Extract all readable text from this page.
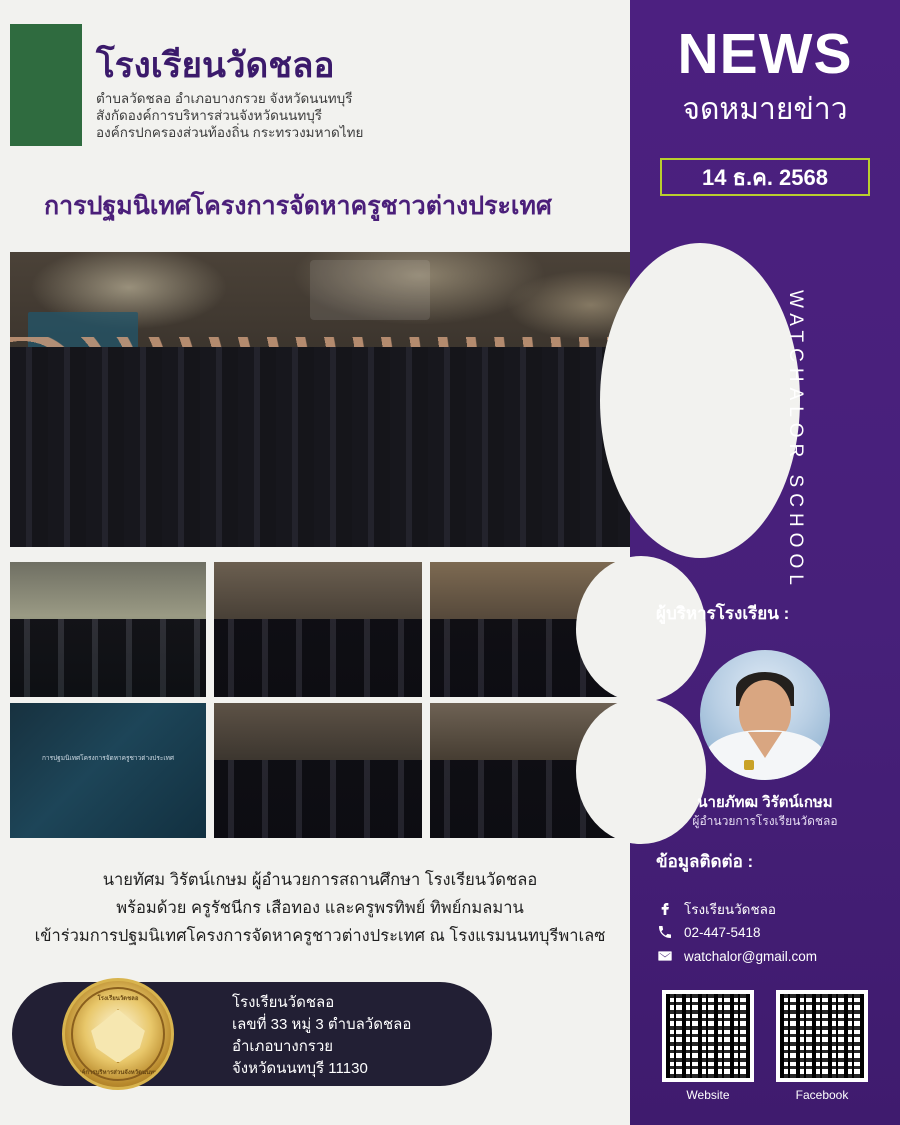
NEWS
จดหมายข่าว
14 ธ.ค. 2568
WATCHALOR SCHOOL
โรงเรียนวัดชลอ
ตำบลวัดชลอ อำเภอบางกรวย จังหวัดนนทบุรี
สังกัดองค์การบริหารส่วนจังหวัดนนทบุรี
องค์กรปกครองส่วนท้องถิ่น กระทรวงมหาดไทย
การปฐมนิเทศโครงการจัดหาครูชาวต่างประเทศ
การปฐมนิเทศโครงการจัดหาครูชาวต่างประเทศ
นายทัศม วิรัตน์เกษม ผู้อำนวยการสถานศึกษา โรงเรียนวัดชลอ
พร้อมด้วย ครูรัชนีกร เสือทอง และครูพรทิพย์ ทิพย์กมลมาน
เข้าร่วมการปฐมนิเทศโครงการจัดหาครูชาวต่างประเทศ ณ โรงแรมนนทบุรีพาเลซ
โรงเรียนวัดชลอ
องค์การบริหารส่วนจังหวัดนนทบุรี
โรงเรียนวัดชลอ
เลขที่ 33 หมู่ 3 ตำบลวัดชลอ
อำเภอบางกรวย
จังหวัดนนทบุรี 11130
ผู้บริหารโรงเรียน :
นายภัทฒ วิรัตน์เกษม
ผู้อำนวยการโรงเรียนวัดชลอ
ข้อมูลติดต่อ :
โรงเรียนวัดชลอ
02-447-5418
watchalor@gmail.com
Website	Facebook
